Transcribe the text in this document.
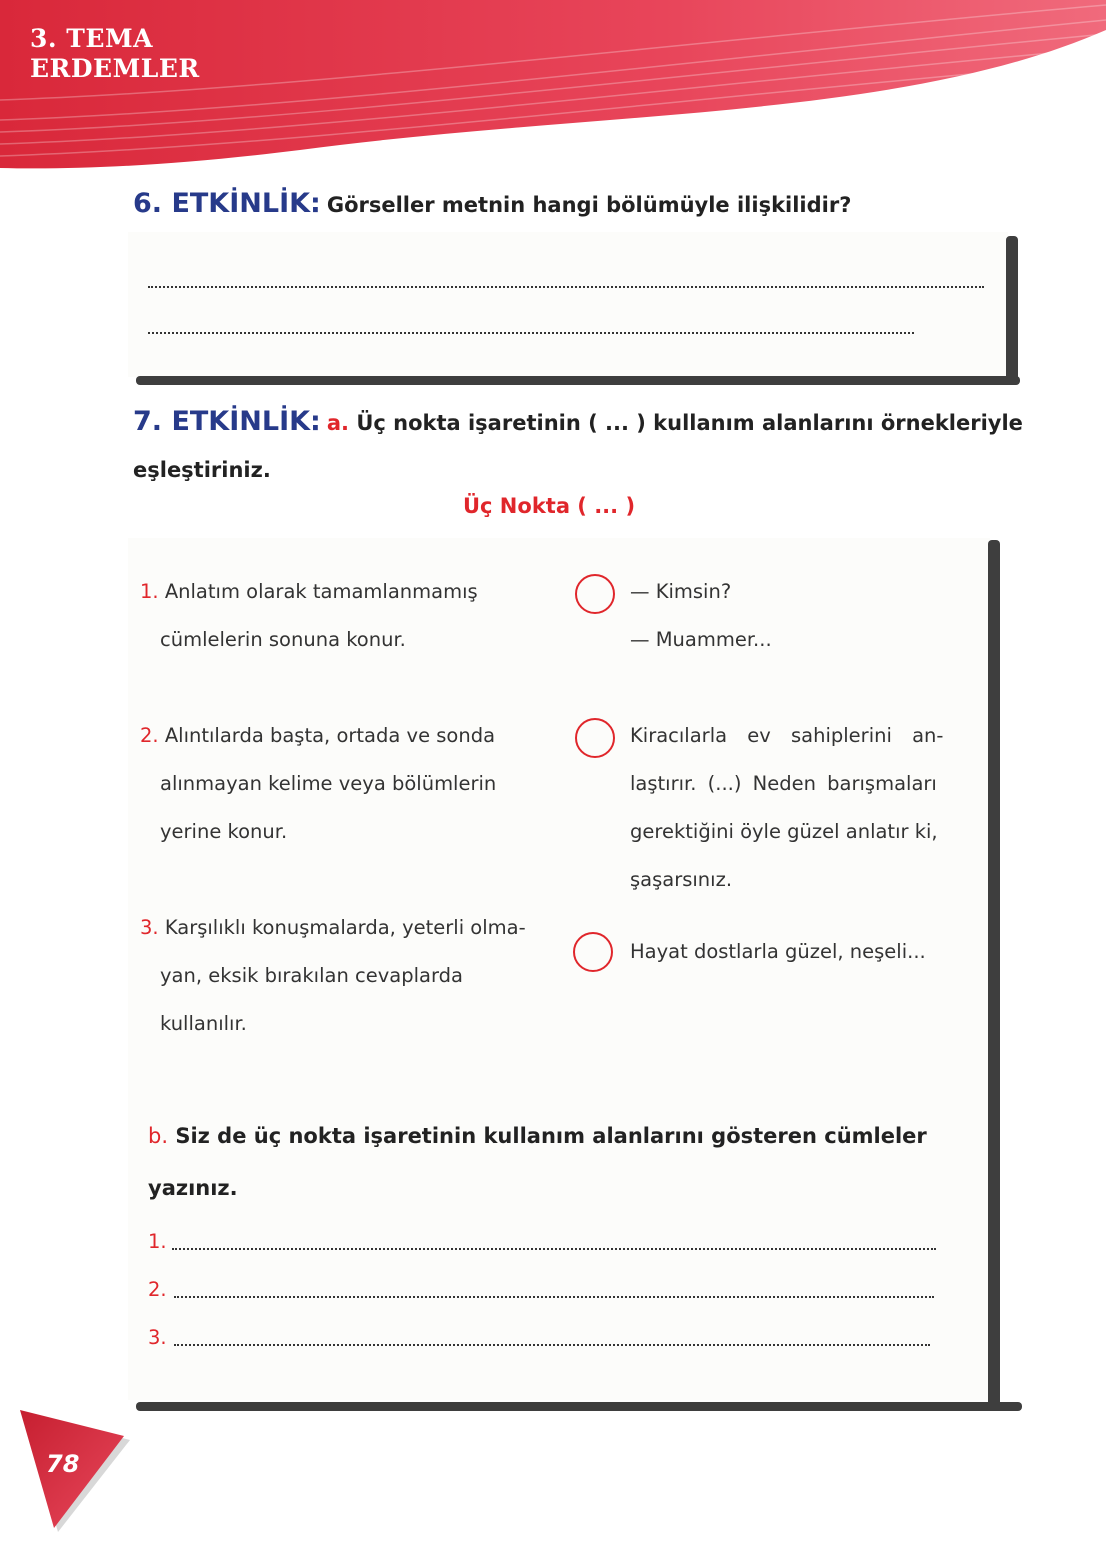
3. TEMA
ERDEMLER
6. ETKİNLİK: Görseller metnin hangi bölümüyle ilişkilidir?
7. ETKİNLİK: a. Üç nokta işaretinin ( ... ) kullanım alanlarını örnekleriyle
eşleştiriniz.
Üç Nokta ( ... )
1. Anlatım olarak tamamlanmamış
cümlelerin sonuna konur.
2. Alıntılarda başta, ortada ve sonda
alınmayan kelime veya bölümlerin
yerine konur.
3. Karşılıklı konuşmalarda, yeterli olma-
yan, eksik bırakılan cevaplarda
kullanılır.
— Kimsin?
— Muammer...
Kiracılarla ev sahiplerini an-
laştırır. (...) Neden barışmaları
gerektiğini öyle güzel anlatır ki,
şaşarsınız.
Hayat dostlarla güzel, neşeli...
b. Siz de üç nokta işaretinin kullanım alanlarını gösteren cümleler
yazınız.
1.
2.
3.
78
